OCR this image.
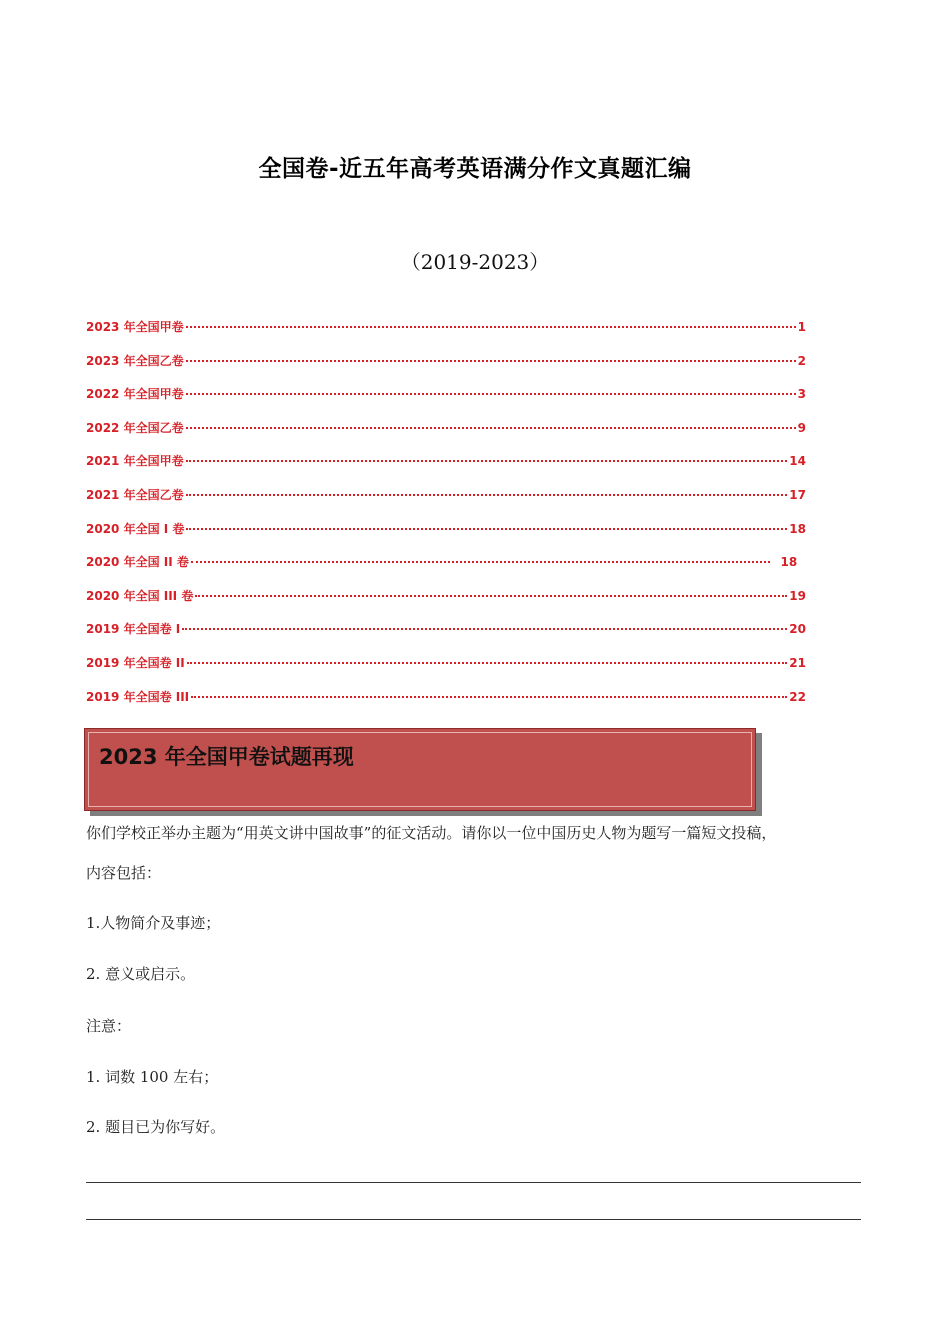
全国卷-近五年高考英语满分作文真题汇编
（2019-2023）
2023 年全国甲卷	1
2023 年全国乙卷	2
2022 年全国甲卷	3
2022 年全国乙卷	9
2021 年全国甲卷	14
2021 年全国乙卷	17
2020 年全国 I 卷	18
2020 年全国 II 卷	18
2020 年全国 III 卷	19
2019 年全国卷 I	20
2019 年全国卷 II	21
2019 年全国卷 III	22
2023 年全国甲卷试题再现
你们学校正举办主题为“用英文讲中国故事”的征文活动。请你以一位中国历史人物为题写一篇短文投稿，
内容包括：
1.人物简介及事迹；
2. 意义或启示。
注意：
1. 词数 100 左右；
2. 题目已为你写好。
